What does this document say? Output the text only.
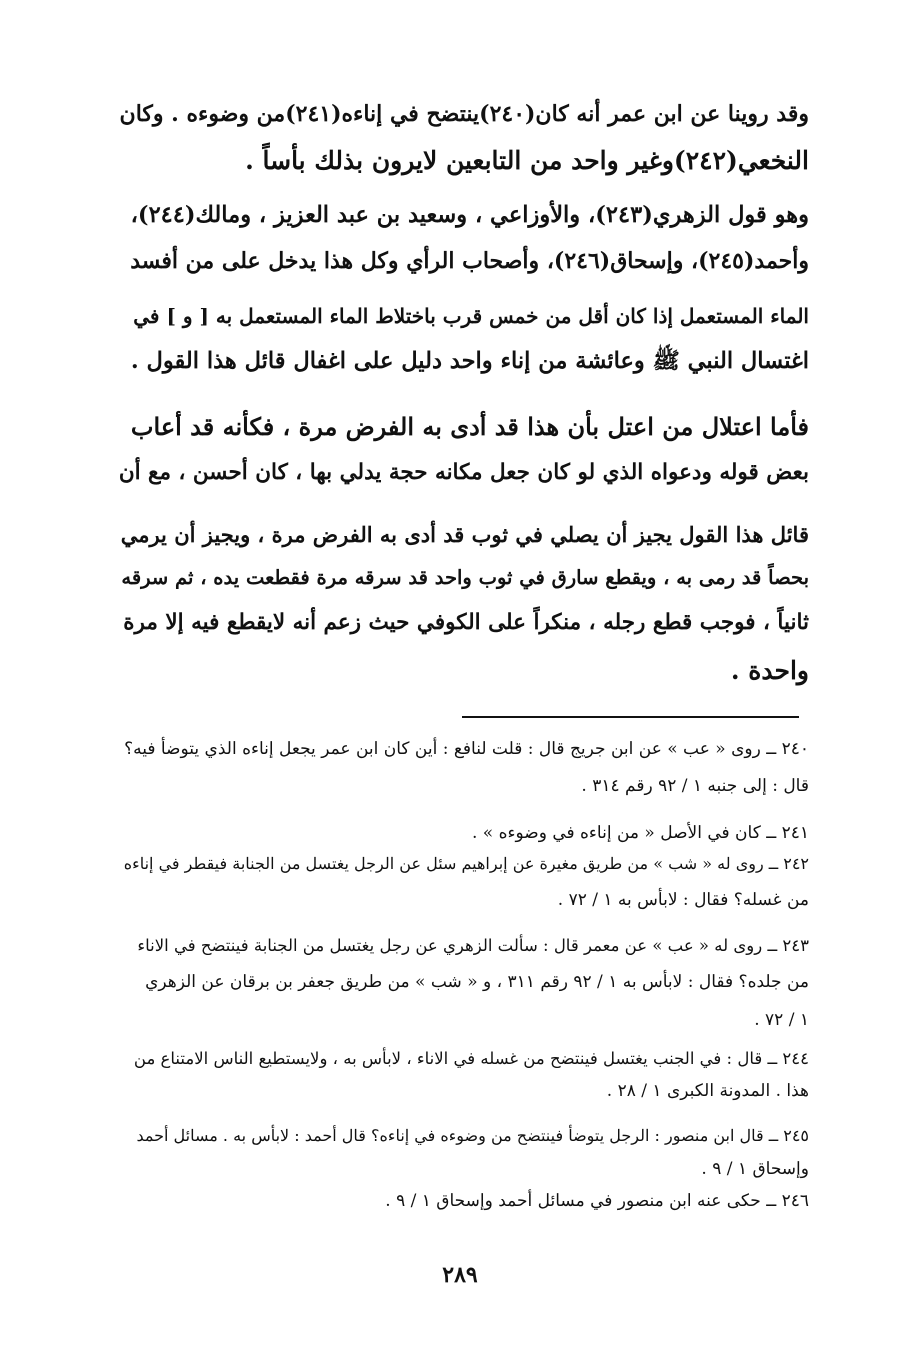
وقد روينا عن ابن عمر أنه كان(٢٤٠)ينتضح في إناءه(٢٤١)من وضوءه . وكان
النخعي(٢٤٢)وغير واحد من التابعين لايرون بذلك بأساً .
وهو قول الزهري(٢٤٣)، والأوزاعي ، وسعيد بن عبد العزيز ، ومالك(٢٤٤)،
وأحمد(٢٤٥)، وإسحاق(٢٤٦)، وأصحاب الرأي وكل هذا يدخل على من أفسد
الماء المستعمل إذا كان أقل من خمس قرب باختلاط الماء المستعمل به [ و ] في
اغتسال النبي ﷺ وعائشة من إناء واحد دليل على اغفال قائل هذا القول .
فأما اعتلال من اعتل بأن هذا قد أدى به الفرض مرة ، فكأنه قد أعاب
بعض قوله ودعواه الذي لو كان جعل مكانه حجة يدلي بها ، كان أحسن ، مع أن
قائل هذا القول يجيز أن يصلي في ثوب قد أدى به الفرض مرة ، ويجيز أن يرمي
بحصاً قد رمى به ، ويقطع سارق في ثوب واحد قد سرقه مرة فقطعت يده ، ثم سرقه
ثانياً ، فوجب قطع رجله ، منكراً على الكوفي حيث زعم أنه لايقطع فيه إلا مرة
واحدة .
٢٤٠ ــ روى « عب » عن ابن جريج قال : قلت لنافع : أين كان ابن عمر يجعل إناءه الذي يتوضأ فيه؟
قال : إلى جنبه ١ / ٩٢ رقم ٣١٤ .
٢٤١ ــ كان في الأصل « من إناءه في وضوءه » .
٢٤٢ ــ روى له « شب » من طريق مغيرة عن إبراهيم سئل عن الرجل يغتسل من الجنابة فيقطر في إناءه
من غسله؟ فقال : لابأس به ١ / ٧٢ .
٢٤٣ ــ روى له « عب » عن معمر قال : سألت الزهري عن رجل يغتسل من الجنابة فينتضح في الاناء
من جلده؟ فقال : لابأس به ١ / ٩٢ رقم ٣١١ ، و « شب » من طريق جعفر بن برقان عن الزهري
١ / ٧٢ .
٢٤٤ ــ قال : في الجنب يغتسل فينتضح من غسله في الاناء ، لابأس به ، ولايستطيع الناس الامتناع من
هذا . المدونة الكبرى ١ / ٢٨ .
٢٤٥ ــ قال ابن منصور : الرجل يتوضأ فينتضح من وضوءه في إناءه؟ قال أحمد : لابأس به . مسائل أحمد
وإسحاق ١ / ٩ .
٢٤٦ ــ حكى عنه ابن منصور في مسائل أحمد وإسحاق ١ / ٩ .
٢٨٩
